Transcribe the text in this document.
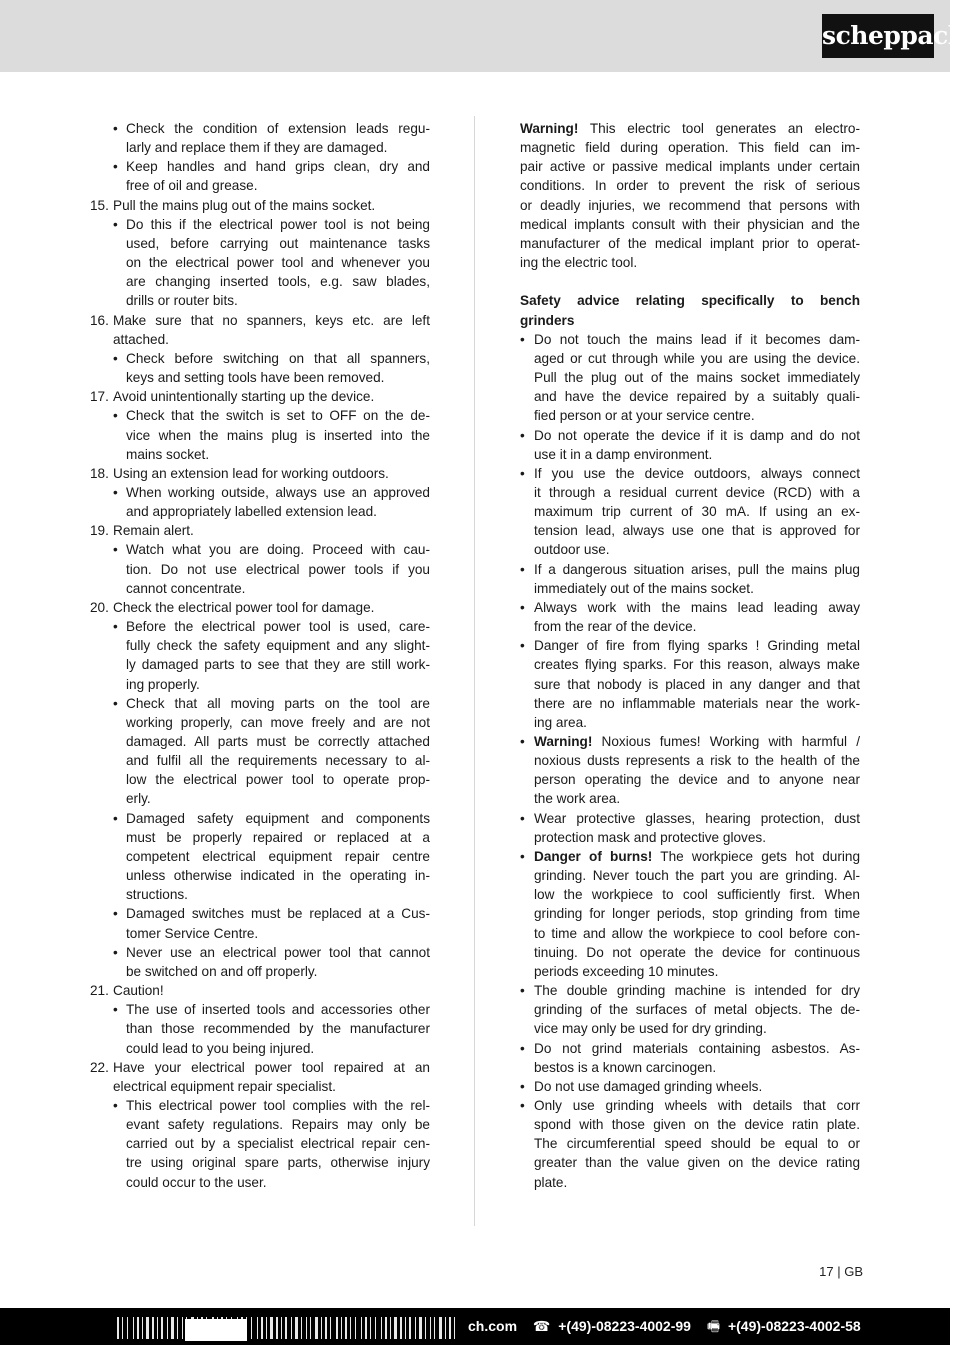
scheppach
• Check the condition of extension leads regu-
larly and replace them if they are damaged.
• Keep handles and hand grips clean, dry and
free of oil and grease.
15. Pull the mains plug out of the mains socket.
• Do this if the electrical power tool is not being
used, before carrying out maintenance tasks
on the electrical power tool and whenever you
are changing inserted tools, e.g. saw blades,
drills or router bits.
16. Make sure that no spanners, keys etc. are left
attached.
• Check before switching on that all spanners,
keys and setting tools have been removed.
17. Avoid unintentionally starting up the device.
• Check that the switch is set to OFF on the de-
vice when the mains plug is inserted into the
mains socket.
18. Using an extension lead for working outdoors.
• When working outside, always use an approved
and appropriately labelled extension lead.
19. Remain alert.
• Watch what you are doing. Proceed with cau-
tion. Do not use electrical power tools if you
cannot concentrate.
20. Check the electrical power tool for damage.
• Before the electrical power tool is used, care-
fully check the safety equipment and any slight-
ly damaged parts to see that they are still work-
ing properly.
• Check that all moving parts on the tool are
working properly, can move freely and are not
damaged. All parts must be correctly attached
and fulfil all the requirements necessary to al-
low the electrical power tool to operate prop-
erly.
• Damaged safety equipment and components
must be properly repaired or replaced at a
competent electrical equipment repair centre
unless otherwise indicated in the operating in-
structions.
• Damaged switches must be replaced at a Cus-
tomer Service Centre.
• Never use an electrical power tool that cannot
be switched on and off properly.
21. Caution!
• The use of inserted tools and accessories other
than those recommended by the manufacturer
could lead to you being injured.
22. Have your electrical power tool repaired at an
electrical equipment repair specialist.
• This electrical power tool complies with the rel-
evant safety regulations. Repairs may only be
carried out by a specialist electrical repair cen-
tre using original spare parts, otherwise injury
could occur to the user.
Warning! This electric tool generates an electro-
magnetic field during operation. This field can im-
pair active or passive medical implants under certain
conditions. In order to prevent the risk of serious
or deadly injuries, we recommend that persons with
medical implants consult with their physician and the
manufacturer of the medical implant prior to operat-
ing the electric tool.
Safety advice relating specifically to bench
grinders
• Do not touch the mains lead if it becomes dam-
aged or cut through while you are using the device.
Pull the plug out of the mains socket immediately
and have the device repaired by a suitably quali-
fied person or at your service centre.
• Do not operate the device if it is damp and do not
use it in a damp environment.
• If you use the device outdoors, always connect
it through a residual current device (RCD) with a
maximum trip current of 30 mA. If using an ex-
tension lead, always use one that is approved for
outdoor use.
• If a dangerous situation arises, pull the mains plug
immediately out of the mains socket.
• Always work with the mains lead leading away
from the rear of the device.
• Danger of fire from flying sparks ! Grinding metal
creates flying sparks. For this reason, always make
sure that nobody is placed in any danger and that
there are no inflammable materials near the work-
ing area.
• Warning! Noxious fumes! Working with harmful /
noxious dusts represents a risk to the health of the
person operating the device and to anyone near
the work area.
• Wear protective glasses, hearing protection, dust
protection mask and protective gloves.
• Danger of burns! The workpiece gets hot during
grinding. Never touch the part you are grinding. Al-
low the workpiece to cool sufficiently first. When
grinding for longer periods, stop grinding from time
to time and allow the workpiece to cool before con-
tinuing. Do not operate the device for continuous
periods exceeding 10 minutes.
• The double grinding machine is intended for dry
grinding of the surfaces of metal objects. The de-
vice may only be used for dry grinding.
• Do not grind materials containing asbestos. As-
bestos is a known carcinogen.
• Do not use damaged grinding wheels.
• Only use grinding wheels with details that corr
spond with those given on the device ratin plate.
The circumferential speed should be equal to or
greater than the value given on the device rating
plate.
17 | GB
ch.com ☎ +(49)-08223-4002-99 🖷 +(49)-08223-4002-58
